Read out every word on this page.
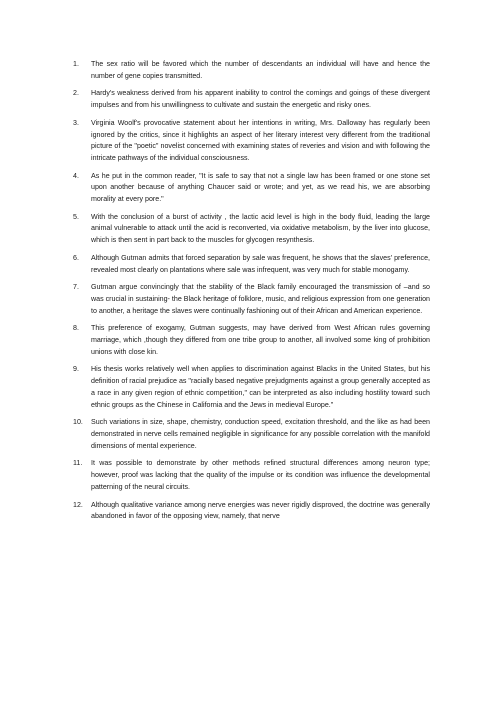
1. The sex ratio will be favored which the number of descendants an individual will have and hence the number of gene copies transmitted.
2. Hardy's weakness derived from his apparent inability to control the comings and goings of these divergent impulses and from his unwillingness to cultivate and sustain the energetic and risky ones.
3. Virginia Woolf's provocative statement about her intentions in writing, Mrs. Dalloway has regularly been ignored by the critics, since it highlights an aspect of her literary interest very different from the traditional picture of the "poetic" novelist concerned with examining states of reveries and vision and with following the intricate pathways of the individual consciousness.
4. As he put in the common reader, "It is safe to say that not a single law has been framed or one stone set upon another because of anything Chaucer said or wrote; and yet, as we read his, we are absorbing morality at every pore."
5. With the conclusion of a burst of activity , the lactic acid level is high in the body fluid, leading the large animal vulnerable to attack until the acid is reconverted, via oxidative metabolism, by the liver into glucose, which is then sent in part back to the muscles for glycogen resynthesis.
6. Although Gutman admits that forced separation by sale was frequent, he shows that the slaves' preference, revealed most clearly on plantations where sale was infrequent, was very much for stable monogamy.
7. Gutman argue convincingly that the stability of the Black family encouraged the transmission of –and so was crucial in sustaining- the Black heritage of folklore, music, and religious expression from one generation to another, a heritage the slaves were continually fashioning out of their African and American experience.
8. This preference of exogamy, Gutman suggests, may have derived from West African rules governing marriage, which ,though they differed from one tribe group to another, all involved some king of prohibition unions with close kin.
9. His thesis works relatively well when applies to discrimination against Blacks in the United States, but his definition of racial prejudice as "racially based negative prejudgments against a group generally accepted as a race in any given region of ethnic competition," can be interpreted as also including hostility toward such ethnic groups as the Chinese in California and the Jews in medieval Europe."
10. Such variations in size, shape, chemistry, conduction speed, excitation threshold, and the like as had been demonstrated in nerve cells remained negligible in significance for any possible correlation with the manifold dimensions of mental experience.
11. It was possible to demonstrate by other methods refined structural differences among neuron type; however, proof was lacking that the quality of the impulse or its condition was influence the developmental patterning of the neural circuits.
12. Although qualitative variance among nerve energies was never rigidly disproved, the doctrine was generally abandoned in favor of the opposing view, namely, that nerve
